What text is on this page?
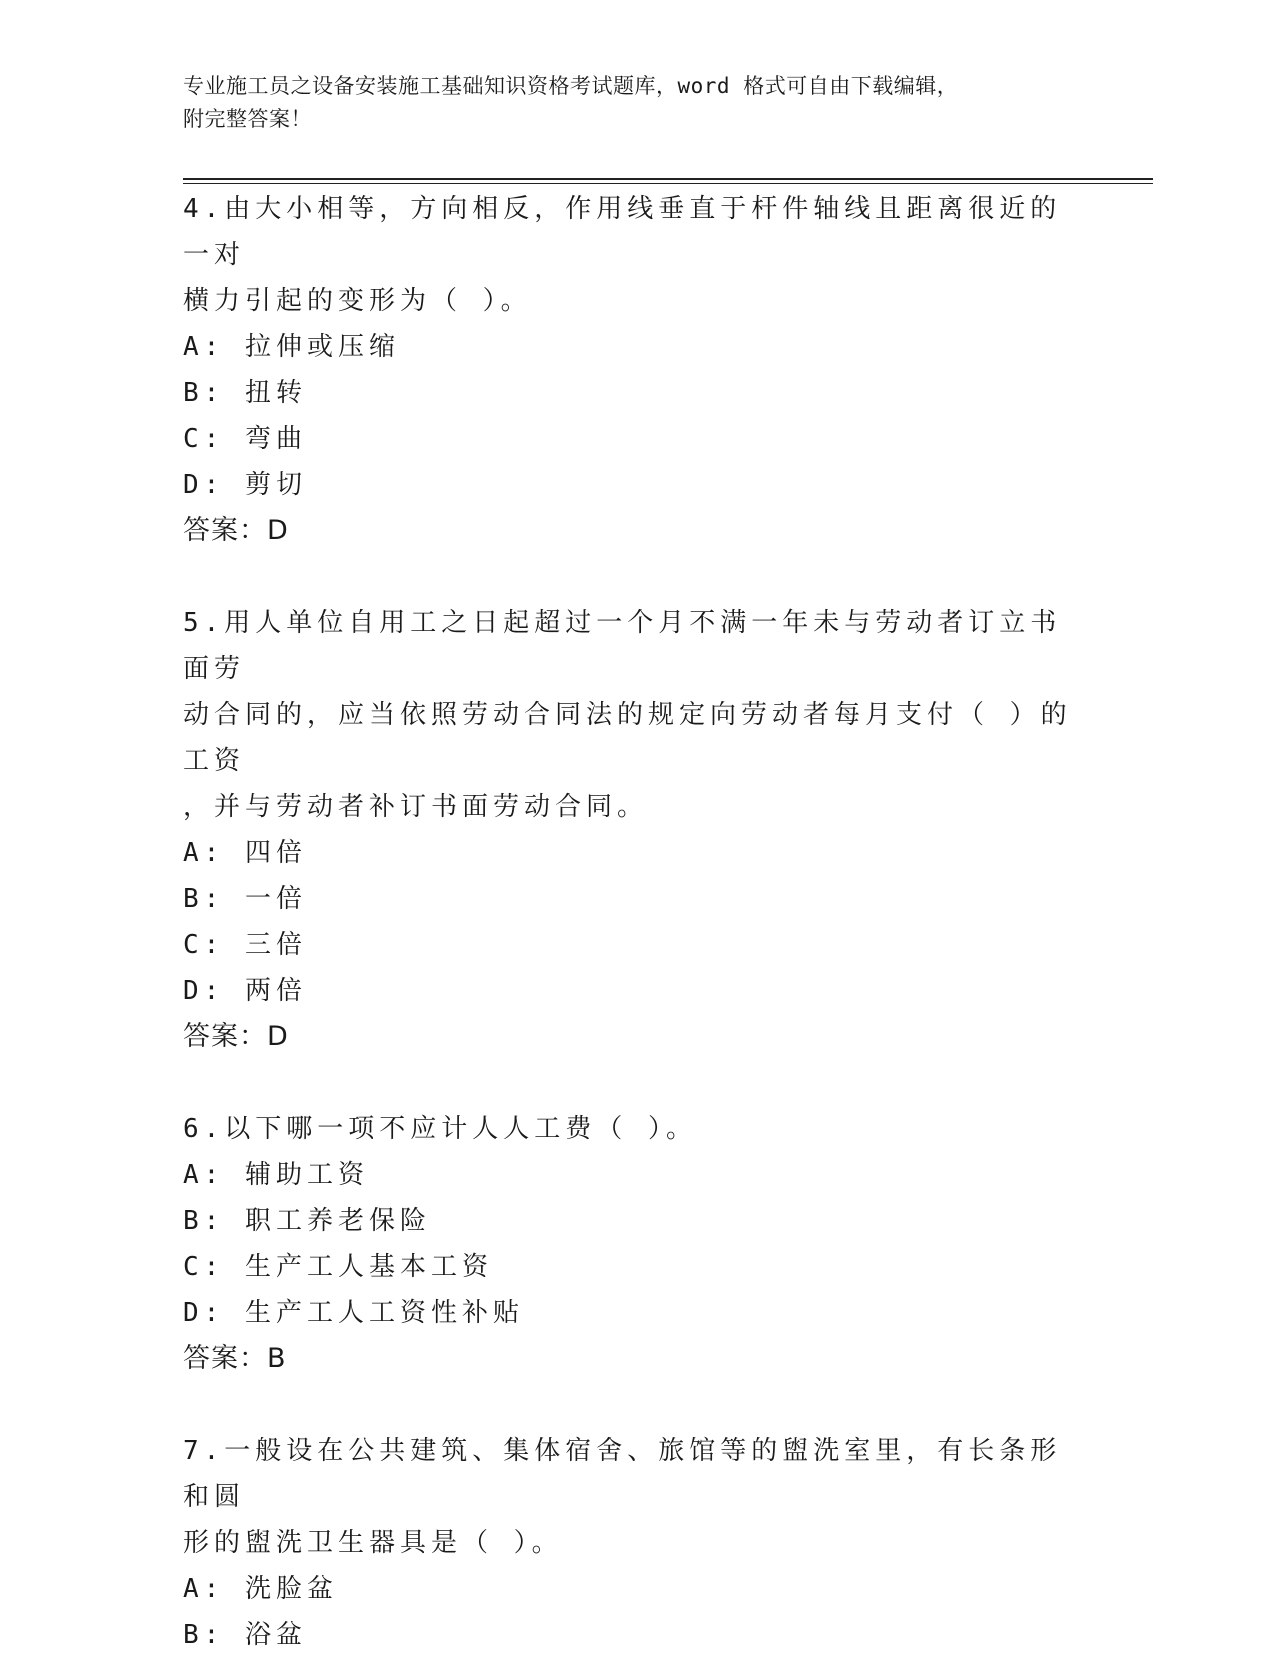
专业施工员之设备安装施工基础知识资格考试题库，word 格式可自由下载编辑，
附完整答案！
4.由大小相等，方向相反，作用线垂直于杆件轴线且距离很近的一对
横力引起的变形为（ ）。
A: 拉伸或压缩
B: 扭转
C: 弯曲
D: 剪切
答案：D
5.用人单位自用工之日起超过一个月不满一年未与劳动者订立书面劳
动合同的，应当依照劳动合同法的规定向劳动者每月支付（ ）的工资
，并与劳动者补订书面劳动合同。
A: 四倍
B: 一倍
C: 三倍
D: 两倍
答案：D
6.以下哪一项不应计人人工费（ ）。
A: 辅助工资
B: 职工养老保险
C: 生产工人基本工资
D: 生产工人工资性补贴
答案：B
7.一般设在公共建筑、集体宿舍、旅馆等的盥洗室里，有长条形和圆
形的盥洗卫生器具是（ ）。
A: 洗脸盆
B: 浴盆
